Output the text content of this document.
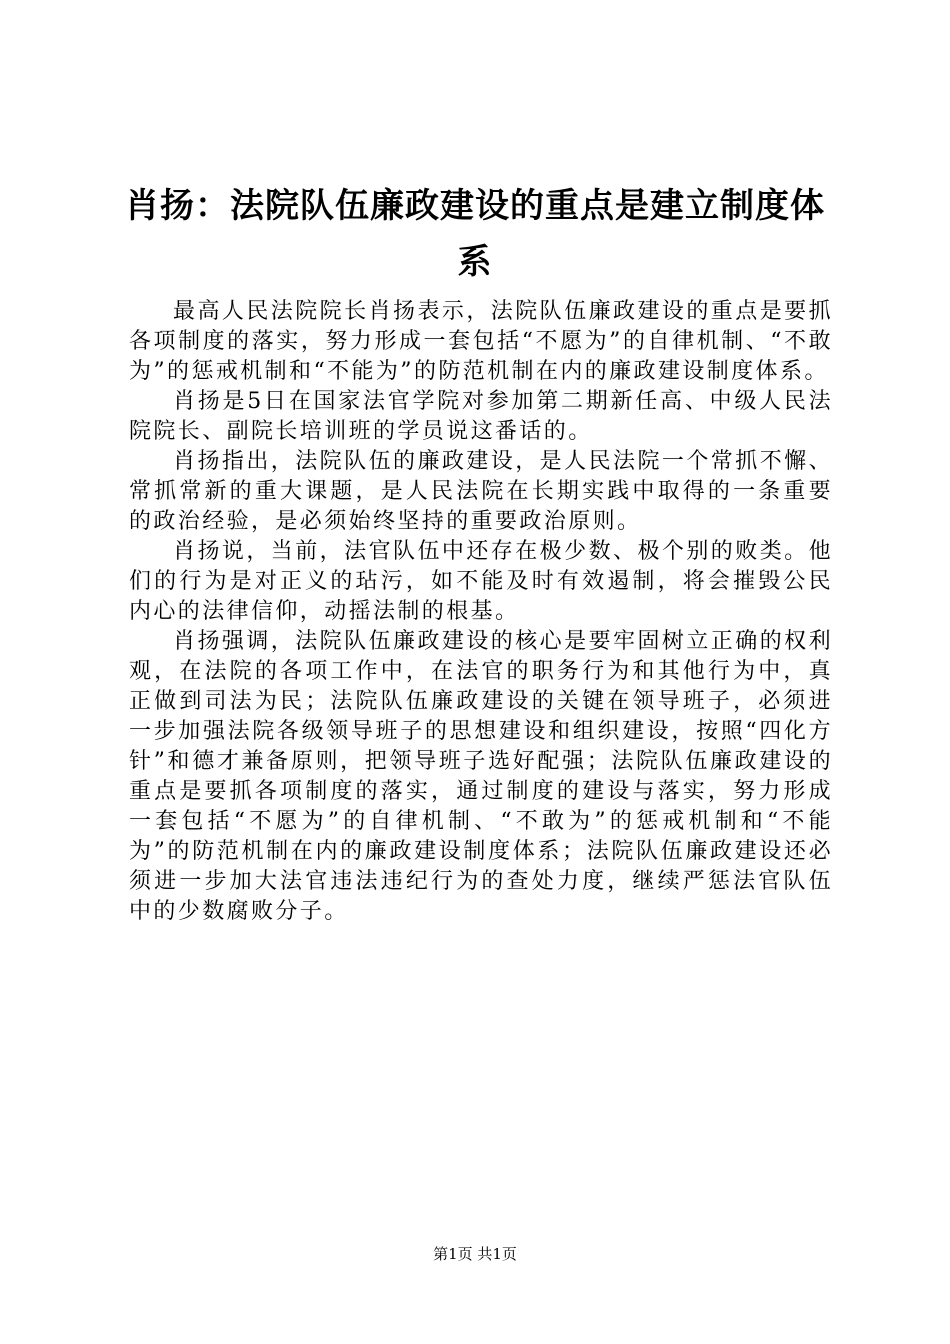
肖扬：法院队伍廉政建设的重点是建立制度体系

最高人民法院院长肖扬表示，法院队伍廉政建设的重点是要抓各项制度的落实，努力形成一套包括“不愿为”的自律机制、“不敢为”的惩戒机制和“不能为”的防范机制在内的廉政建设制度体系。

肖扬是5日在国家法官学院对参加第二期新任高、中级人民法院院长、副院长培训班的学员说这番话的。

肖扬指出，法院队伍的廉政建设，是人民法院一个常抓不懈、常抓常新的重大课题，是人民法院在长期实践中取得的一条重要的政治经验，是必须始终坚持的重要政治原则。

肖扬说，当前，法官队伍中还存在极少数、极个别的败类。他们的行为是对正义的玷污，如不能及时有效遏制，将会摧毁公民内心的法律信仰，动摇法制的根基。

肖扬强调，法院队伍廉政建设的核心是要牢固树立正确的权利观，在法院的各项工作中，在法官的职务行为和其他行为中，真正做到司法为民；法院队伍廉政建设的关键在领导班子，必须进一步加强法院各级领导班子的思想建设和组织建设，按照“四化方针”和德才兼备原则，把领导班子选好配强；法院队伍廉政建设的重点是要抓各项制度的落实，通过制度的建设与落实，努力形成一套包括“不愿为”的自律机制、“不敢为”的惩戒机制和“不能为”的防范机制在内的廉政建设制度体系；法院队伍廉政建设还必须进一步加大法官违法违纪行为的查处力度，继续严惩法官队伍中的少数腐败分子。

第1页 共1页
